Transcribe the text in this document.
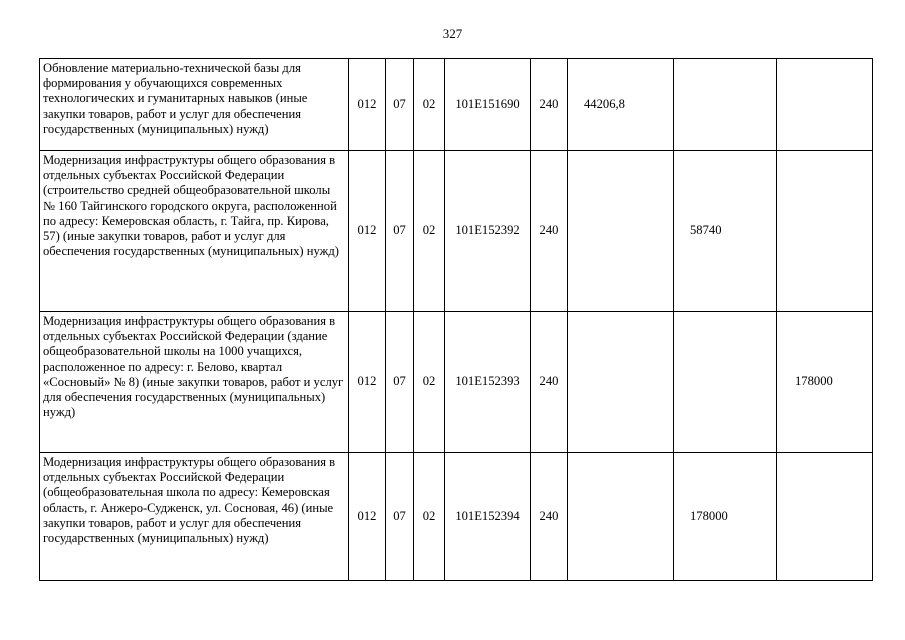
327
Обновление материально-технической базы для формирования у обучающихся современных технологических и гуманитарных навыков (иные закупки товаров, работ и услуг для обеспечения государственных (муниципальных) нужд)	012	07	02	101E151690	240	44206,8		
Модернизация инфраструктуры общего образования в отдельных субъектах Российской Федерации (строительство средней общеобразовательной школы № 160 Тайгинского городского округа, расположенной по адресу: Кемеровская область, г. Тайга, пр. Кирова, 57) (иные закупки товаров, работ и услуг для обеспечения государственных (муниципальных) нужд)	012	07	02	101E152392	240		58740	
Модернизация инфраструктуры общего образования в отдельных субъектах Российской Федерации (здание общеобразовательной школы на 1000 учащихся, расположенное по адресу: г. Белово, квартал «Сосновый» № 8) (иные закупки товаров, работ и услуг для обеспечения государственных (муниципальных) нужд)	012	07	02	101E152393	240			178000
Модернизация инфраструктуры общего образования в отдельных субъектах Российской Федерации (общеобразовательная школа по адресу: Кемеровская область, г. Анжеро-Судженск, ул. Сосновая, 46) (иные закупки товаров, работ и услуг для обеспечения государственных (муниципальных) нужд)	012	07	02	101E152394	240		178000	
